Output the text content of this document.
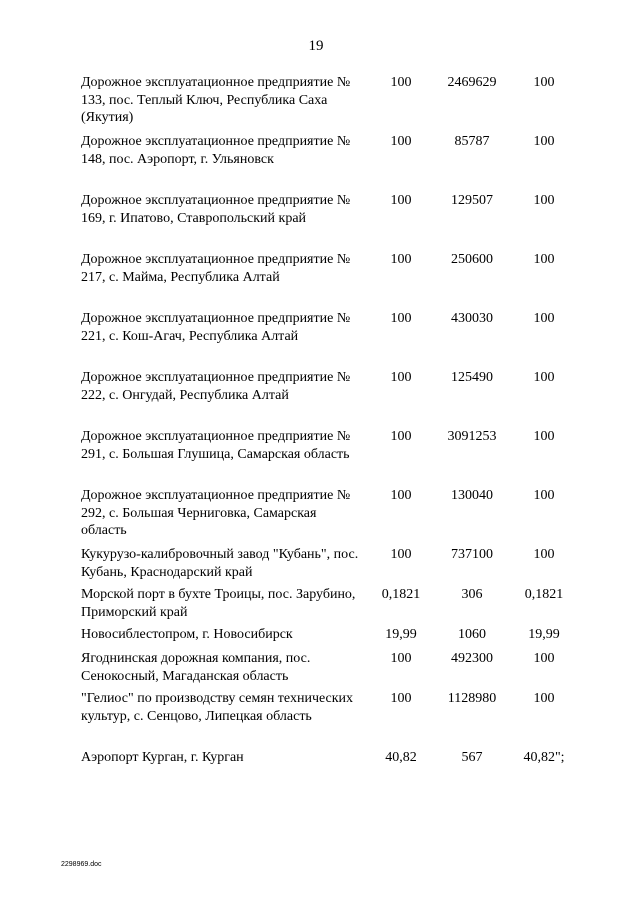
19
Дорожное эксплуатационное предприятие № 133, пос. Теплый Ключ, Республика Саха (Якутия)
100	2469629	100
Дорожное эксплуатационное предприятие № 148, пос. Аэропорт, г. Ульяновск
100	85787	100
Дорожное эксплуатационное предприятие № 169, г. Ипатово, Ставропольский край
100	129507	100
Дорожное эксплуатационное предприятие № 217, с. Майма, Республика Алтай
100	250600	100
Дорожное эксплуатационное предприятие № 221, с. Кош-Агач, Республика Алтай
100	430030	100
Дорожное эксплуатационное предприятие № 222, с. Онгудай, Республика Алтай
100	125490	100
Дорожное эксплуатационное предприятие № 291, с. Большая Глушица, Самарская область
100	3091253	100
Дорожное эксплуатационное предприятие № 292, с. Большая Черниговка, Самарская область
100	130040	100
Кукурузо-калибровочный завод "Кубань", пос. Кубань, Краснодарский край
100	737100	100
Морской порт в бухте Троицы, пос. Зарубино, Приморский край
0,1821	306	0,1821
Новосиблестопром, г. Новосибирск	19,99	1060	19,99
Ягоднинская дорожная компания, пос. Сенокосный, Магаданская область
100	492300	100
"Гелиос" по производству семян технических культур, с. Сенцово, Липецкая область
100	1128980	100
Аэропорт Курган, г. Курган	40,82	567	40,82";
2298969.doc
